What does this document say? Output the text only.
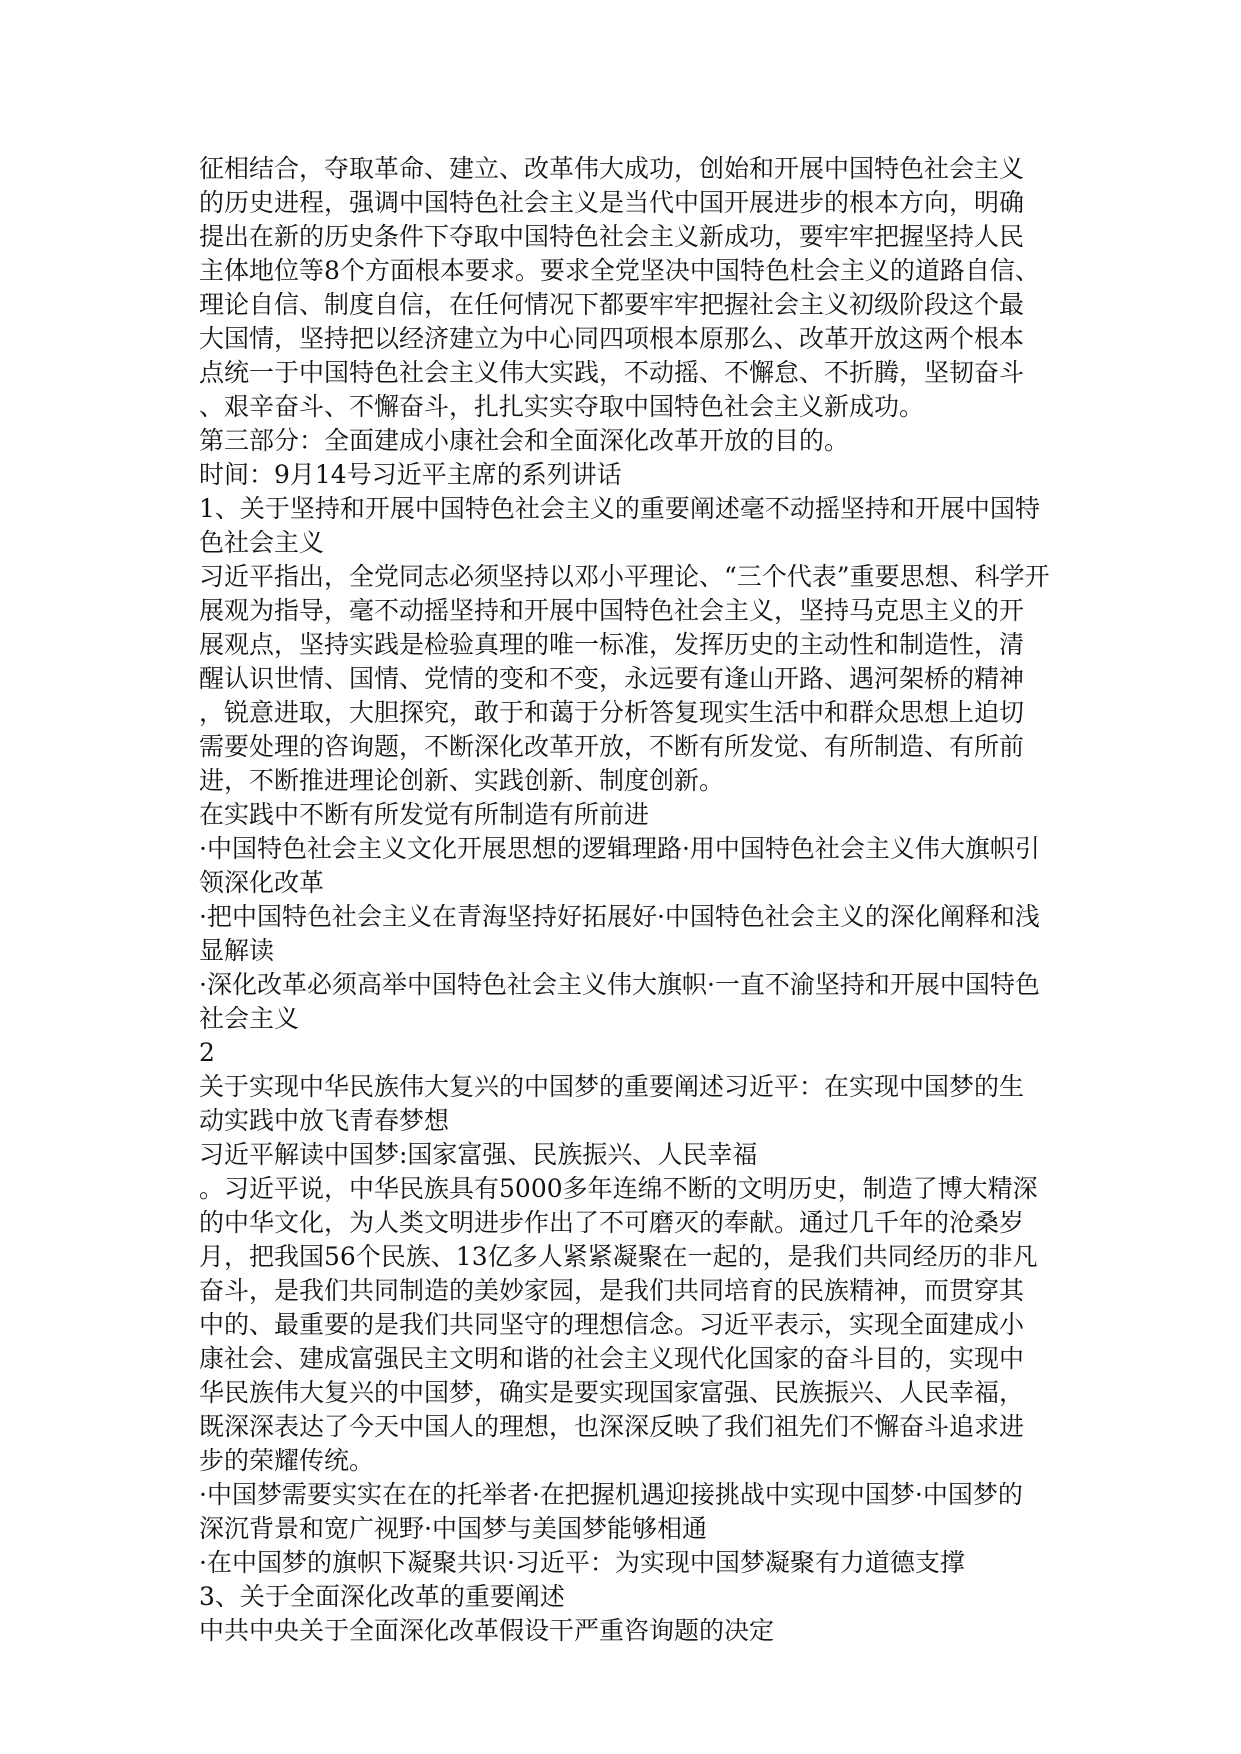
征相结合，夺取革命、建立、改革伟大成功，创始和开展中国特色社会主义
的历史进程，强调中国特色社会主义是当代中国开展进步的根本方向，明确
提出在新的历史条件下夺取中国特色社会主义新成功，要牢牢把握坚持人民
主体地位等8个方面根本要求。要求全党坚决中国特色杜会主义的道路自信、
理论自信、制度自信，在任何情况下都要牢牢把握社会主义初级阶段这个最
大国情，坚持把以经济建立为中心同四项根本原那么、改革开放这两个根本
点统一于中国特色社会主义伟大实践，不动摇、不懈怠、不折腾，坚韧奋斗
、艰辛奋斗、不懈奋斗，扎扎实实夺取中国特色社会主义新成功。
第三部分：全面建成小康社会和全面深化改革开放的目的。
时间：9月14号习近平主席的系列讲话
1、关于坚持和开展中国特色社会主义的重要阐述毫不动摇坚持和开展中国特
色社会主义
习近平指出，全党同志必须坚持以邓小平理论、“三个代表”重要思想、科学开
展观为指导，毫不动摇坚持和开展中国特色社会主义，坚持马克思主义的开
展观点，坚持实践是检验真理的唯一标准，发挥历史的主动性和制造性，清
醒认识世情、国情、党情的变和不变，永远要有逢山开路、遇河架桥的精神
，锐意进取，大胆探究，敢于和蔼于分析答复现实生活中和群众思想上迫切
需要处理的咨询题，不断深化改革开放，不断有所发觉、有所制造、有所前
进，不断推进理论创新、实践创新、制度创新。
在实践中不断有所发觉有所制造有所前进
·中国特色社会主义文化开展思想的逻辑理路·用中国特色社会主义伟大旗帜引
领深化改革
·把中国特色社会主义在青海坚持好拓展好·中国特色社会主义的深化阐释和浅
显解读
·深化改革必须高举中国特色社会主义伟大旗帜·一直不渝坚持和开展中国特色
社会主义
2
关于实现中华民族伟大复兴的中国梦的重要阐述习近平：在实现中国梦的生
动实践中放飞青春梦想
习近平解读中国梦:国家富强、民族振兴、人民幸福
。习近平说，中华民族具有5000多年连绵不断的文明历史，制造了博大精深
的中华文化，为人类文明进步作出了不可磨灭的奉献。通过几千年的沧桑岁
月，把我国56个民族、13亿多人紧紧凝聚在一起的，是我们共同经历的非凡
奋斗，是我们共同制造的美妙家园，是我们共同培育的民族精神，而贯穿其
中的、最重要的是我们共同坚守的理想信念。习近平表示，实现全面建成小
康社会、建成富强民主文明和谐的社会主义现代化国家的奋斗目的，实现中
华民族伟大复兴的中国梦，确实是要实现国家富强、民族振兴、人民幸福，
既深深表达了今天中国人的理想，也深深反映了我们祖先们不懈奋斗追求进
步的荣耀传统。
·中国梦需要实实在在的托举者·在把握机遇迎接挑战中实现中国梦·中国梦的
深沉背景和宽广视野·中国梦与美国梦能够相通
·在中国梦的旗帜下凝聚共识·习近平：为实现中国梦凝聚有力道德支撑
3、关于全面深化改革的重要阐述
中共中央关于全面深化改革假设干严重咨询题的决定
